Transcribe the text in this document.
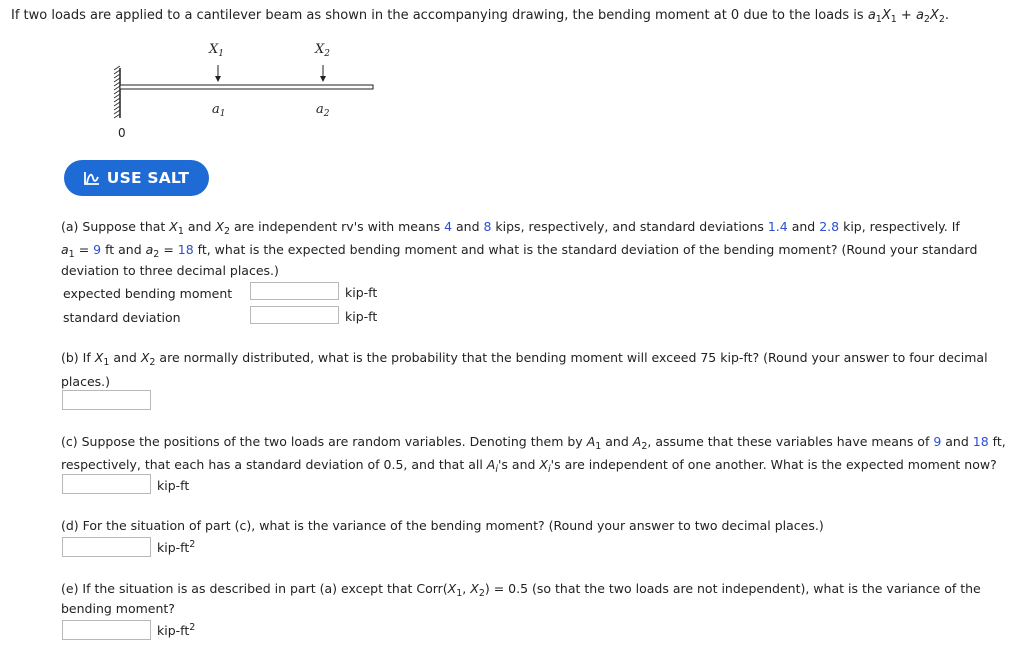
If two loads are applied to a cantilever beam as shown in the accompanying drawing, the bending moment at 0 due to the loads is $a_1X_1 + a_2X_2$.
$X_1$	$X_2$
$a_1$	$a_2$
0
USE SALT
(a) Suppose that $X_1$ and $X_2$ are independent rv's with means 4 and 8 kips, respectively, and standard deviations 1.4 and 2.8 kip, respectively. If
$a_1 = 9$ ft and $a_2 = 18$ ft, what is the expected bending moment and what is the standard deviation of the bending moment? (Round your standard
deviation to three decimal places.)
expected bending moment	kip-ft
standard deviation	kip-ft
(b) If $X_1$ and $X_2$ are normally distributed, what is the probability that the bending moment will exceed 75 kip-ft? (Round your answer to four decimal
places.)
(c) Suppose the positions of the two loads are random variables. Denoting them by $A_1$ and $A_2$, assume that these variables have means of 9 and 18 ft,
respectively, that each has a standard deviation of 0.5, and that all $A_i's$ and $X_i's$ are independent of one another. What is the expected moment now?
kip-ft
(d) For the situation of part (c), what is the variance of the bending moment? (Round your answer to two decimal places.)
kip-$ft^2$
(e) If the situation is as described in part (a) except that $Corr(X_1$, $X_2) = 0.5$ (so that the two loads are not independent), what is the variance of the
bending moment?
kip-$ft^2$
